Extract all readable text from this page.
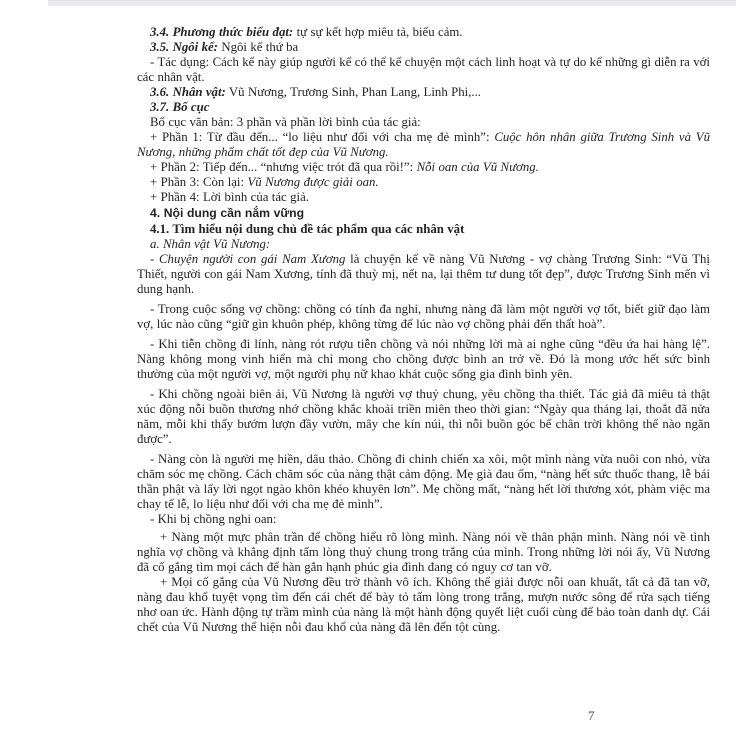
3.4. Phương thức biểu đạt: tự sự kết hợp miêu tả, biểu cảm.

3.5. Ngôi kể: Ngôi kể thứ ba

- Tác dụng: Cách kể này giúp người kể có thể kể chuyện một cách linh hoạt và tự do kể những gì diễn ra với các nhân vật.

3.6. Nhân vật: Vũ Nương, Trương Sinh, Phan Lang, Linh Phi,...

3.7. Bố cục

Bố cục văn bản: 3 phần và phần lời bình của tác giả:

+ Phần 1: Từ đầu đến... “lo liệu như đối với cha mẹ đẻ mình”: Cuộc hôn nhân giữa Trương Sinh và Vũ Nương, những phẩm chất tốt đẹp của Vũ Nương.

+ Phần 2: Tiếp đến... “nhưng việc trót đã qua rồi!”: Nỗi oan của Vũ Nương.

+ Phần 3: Còn lại: Vũ Nương được giải oan.

+ Phần 4: Lời bình của tác giả.

4. Nội dung cần nắm vững

4.1. Tìm hiểu nội dung chủ đề tác phẩm qua các nhân vật

a. Nhân vật Vũ Nương:

- Chuyện người con gái Nam Xương là chuyện kể về nàng Vũ Nương - vợ chàng Trương Sinh: “Vũ Thị Thiết, người con gái Nam Xương, tính đã thuỳ mị, nết na, lại thêm tư dung tốt đẹp”, được Trương Sinh mến vì dung hạnh.

- Trong cuộc sống vợ chồng: chồng có tính đa nghi, nhưng nàng đã làm một người vợ tốt, biết giữ đạo làm vợ, lúc nào cũng “giữ gìn khuôn phép, không từng để lúc nào vợ chồng phải đến thất hoà”.

- Khi tiễn chồng đi lính, nàng rót rượu tiễn chồng và nói những lời mà ai nghe cũng “đều ứa hai hàng lệ”. Nàng không mong vinh hiển mà chỉ mong cho chồng được bình an trở về. Đó là mong ước hết sức bình thường của một người vợ, một người phụ nữ khao khát cuộc sống gia đình bình yên.

- Khi chồng ngoài biên ải, Vũ Nương là người vợ thuỷ chung, yêu chồng tha thiết. Tác giả đã miêu tả thật xúc động nỗi buồn thương nhớ chồng khắc khoải triền miên theo thời gian: “Ngày qua tháng lại, thoắt đã nửa năm, mỗi khi thấy bướm lượn đầy vườn, mây che kín núi, thì nỗi buồn góc bể chân trời không thể nào ngăn được”.

- Nàng còn là người mẹ hiền, dâu thảo. Chồng đi chinh chiến xa xôi, một mình nàng vừa nuôi con nhỏ, vừa chăm sóc mẹ chồng. Cách chăm sóc của nàng thật cảm động. Mẹ già đau ốm, “nàng hết sức thuốc thang, lễ bái thần phật và lấy lời ngọt ngào khôn khéo khuyên lơn”. Mẹ chồng mất, “nàng hết lời thương xót, phàm việc ma chay tế lễ, lo liệu như đối với cha mẹ đẻ mình”.

- Khi bị chồng nghi oan:

+ Nàng một mực phân trần để chồng hiểu rõ lòng mình. Nàng nói về thân phận mình. Nàng nói về tình nghĩa vợ chồng và khẳng định tấm lòng thuỷ chung trong trắng của mình. Trong những lời nói ấy, Vũ Nương đã cố gắng tìm mọi cách để hàn gắn hạnh phúc gia đình đang có nguy cơ tan vỡ.

+ Mọi cố gắng của Vũ Nương đều trở thành vô ích. Không thể giải được nỗi oan khuất, tất cả đã tan vỡ, nàng đau khổ tuyệt vọng tìm đến cái chết để bày tỏ tấm lòng trong trắng, mượn nước sông để rửa sạch tiếng nhơ oan ức. Hành động tự trầm mình của nàng là một hành động quyết liệt cuối cùng để bảo toàn danh dự. Cái chết của Vũ Nương thể hiện nỗi đau khổ của nàng đã lên đến tột cùng.

7
